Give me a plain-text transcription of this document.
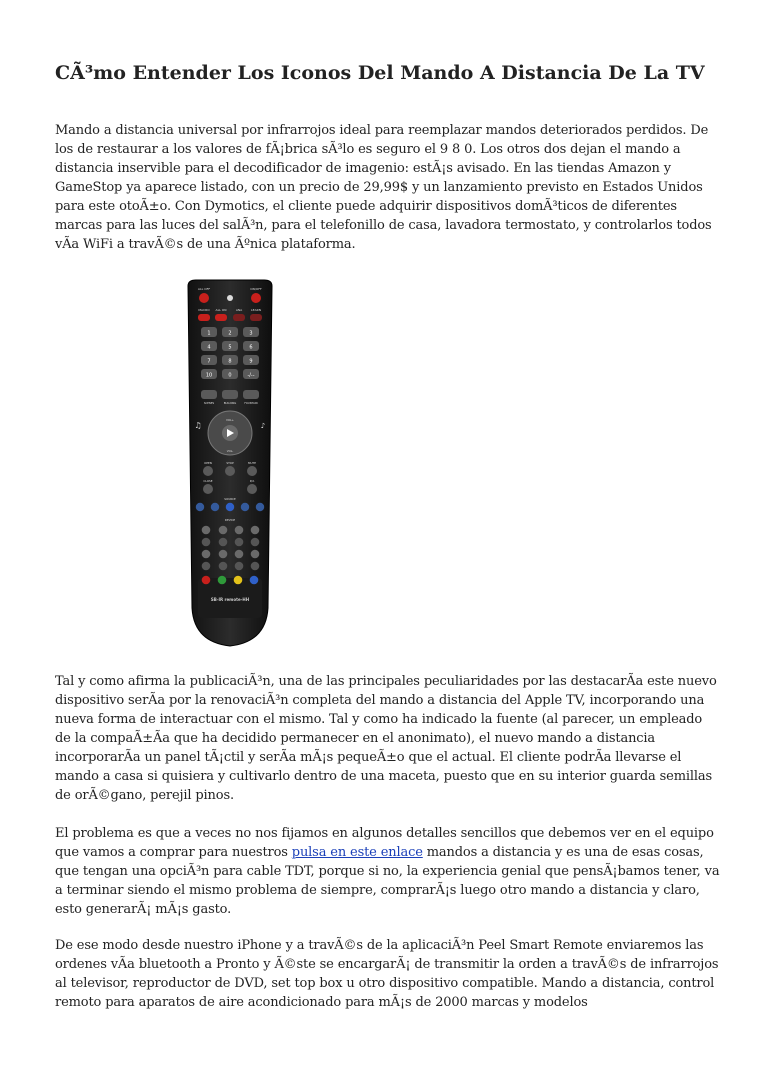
CÃ³mo Entender Los Iconos Del Mando A Distancia De La TV

Mando a distancia universal por infrarrojos ideal para reemplazar mandos deteriorados perdidos. De los de restaurar a los valores de fÃ¡brica sÃ³lo es seguro el 9 8 0. Los otros dos dejan el mando a distancia inservible para el decodificador de imagenio: estÃ¡s avisado. En las tiendas Amazon y GameStop ya aparece listado, con un precio de 29,99$ y un lanzamiento previsto en Estados Unidos para este otoÃ±o. Con Dymotics, el cliente puede adquirir dispositivos domÃ³ticos de diferentes marcas para las luces del salÃ³n, para el telefonillo de casa, lavadora termostato, y controlarlos todos vÃa WiFi a travÃ©s de una Ãºnica plataforma.

ALL OFF	ON/OFF
MACRO ALL ON	ANA	LEARN
1	2	3
4	5	6
7	8	9
10	0	-/--
SCENES	BUILDING	FOUNTAIN
VOL+
VOL-
♫	♪
OPEN	STOP	MUTE
CLOSE	P/A
SOURCE
DEVICE
SB-IR remote-HH

Tal y como afirma la publicaciÃ³n, una de las principales peculiaridades por las destacarÃa este nuevo dispositivo serÃa por la renovaciÃ³n completa del mando a distancia del Apple TV, incorporando una nueva forma de interactuar con el mismo. Tal y como ha indicado la fuente (al parecer, un empleado de la compaÃ±Ãa que ha decidido permanecer en el anonimato), el nuevo mando a distancia incorporarÃa un panel tÃ¡ctil y serÃa mÃ¡s pequeÃ±o que el actual. El cliente podrÃa llevarse el mando a casa si quisiera y cultivarlo dentro de una maceta, puesto que en su interior guarda semillas de orÃ©gano, perejil pinos.

El problema es que a veces no nos fijamos en algunos detalles sencillos que debemos ver en el equipo que vamos a comprar para nuestros pulsa en este enlace mandos a distancia y es una de esas cosas, que tengan una opciÃ³n para cable TDT, porque si no, la experiencia genial que pensÃ¡bamos tener, va a terminar siendo el mismo problema de siempre, comprarÃ¡s luego otro mando a distancia y claro, esto generarÃ¡ mÃ¡s gasto.

De ese modo desde nuestro iPhone y a travÃ©s de la aplicaciÃ³n Peel Smart Remote enviaremos las ordenes vÃa bluetooth a Pronto y Ã©ste se encargarÃ¡ de transmitir la orden a travÃ©s de infrarrojos al televisor, reproductor de DVD, set top box u otro dispositivo compatible. Mando a distancia, control remoto para aparatos de aire acondicionado para mÃ¡s de 2000 marcas y modelos
